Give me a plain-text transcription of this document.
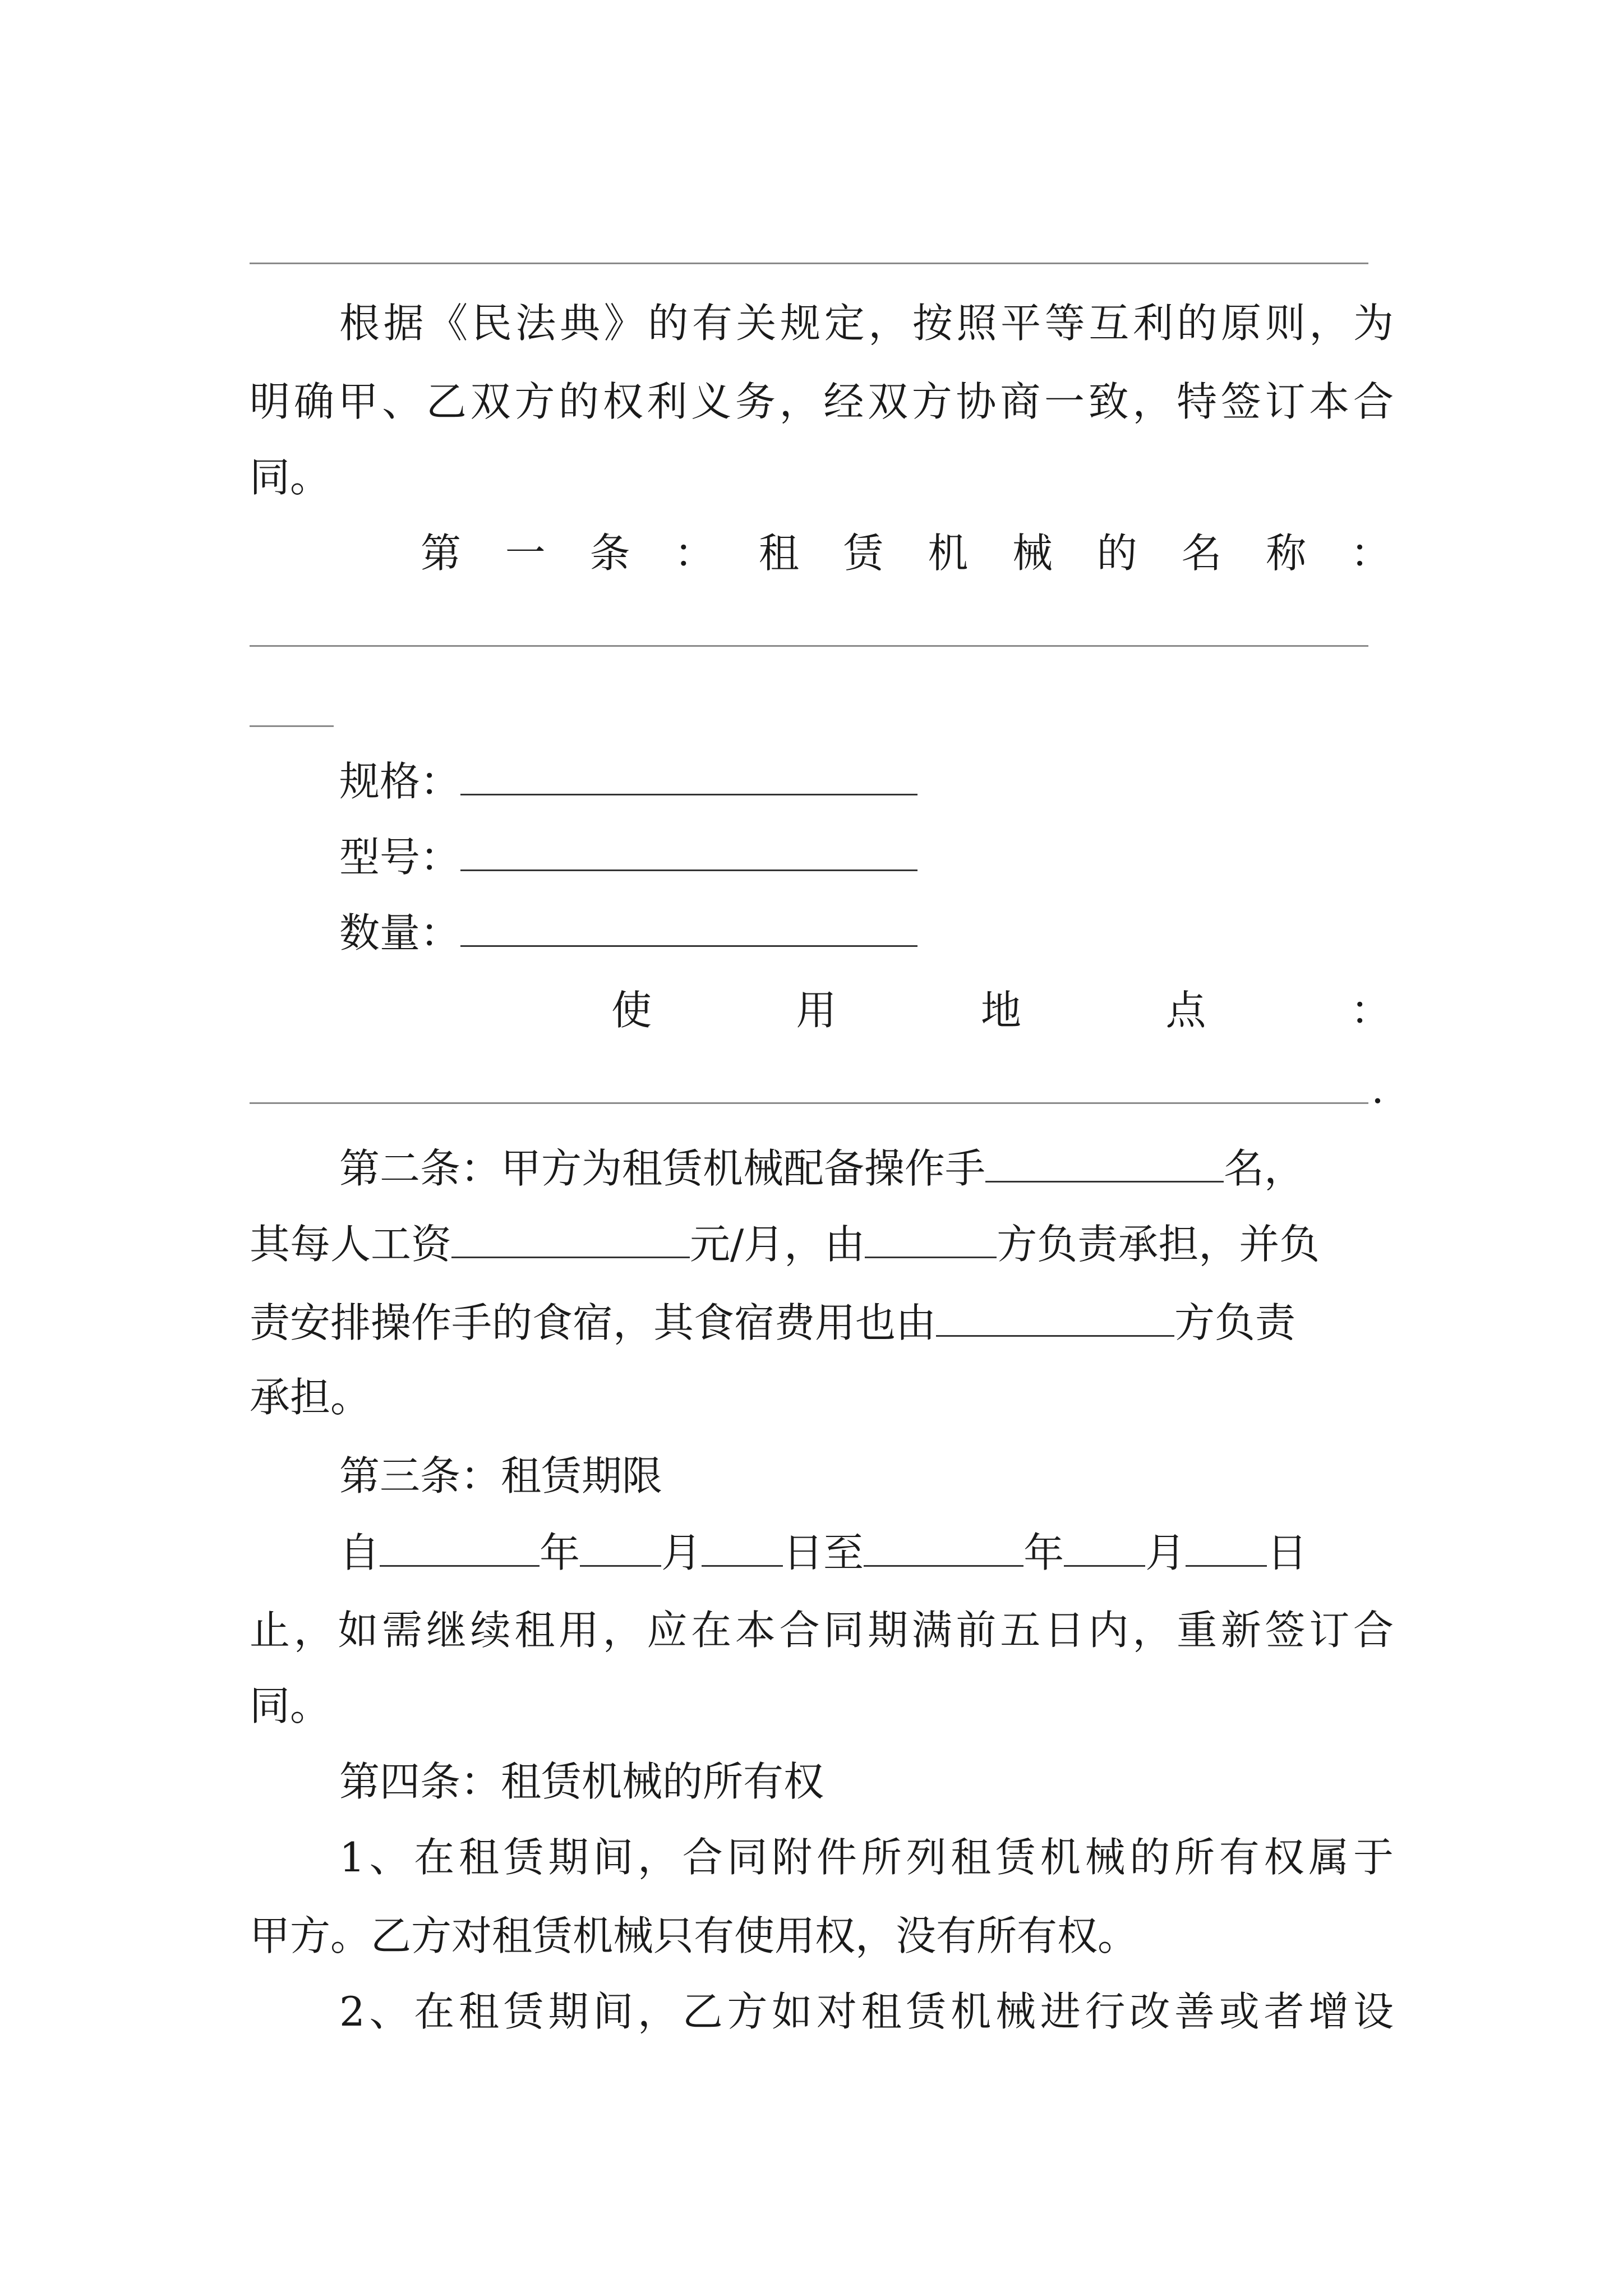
根据《民法典》的有关规定，按照平等互利的原则，为
明确甲、乙双方的权利义务，经双方协商一致，特签订本合
同。
第 一 条 ： 租 赁 机 械 的 名 称 ：
规格：
型号：
数量：
使	用	地	点	：
.
第二条：甲方为租赁机械配备操作手	名，
其每人工资	元/月，由	方负责承担，并负
责安排操作手的食宿，其食宿费用也由	方负责
承担。
第三条：租赁期限
自	年 月 日至	年 月 日
止，如需继续租用，应在本合同期满前五日内，重新签订合
同。
第四条：租赁机械的所有权
1、在租赁期间，合同附件所列租赁机械的所有权属于
甲方。乙方对租赁机械只有使用权，没有所有权。
2、在租赁期间，乙方如对租赁机械进行改善或者增设
